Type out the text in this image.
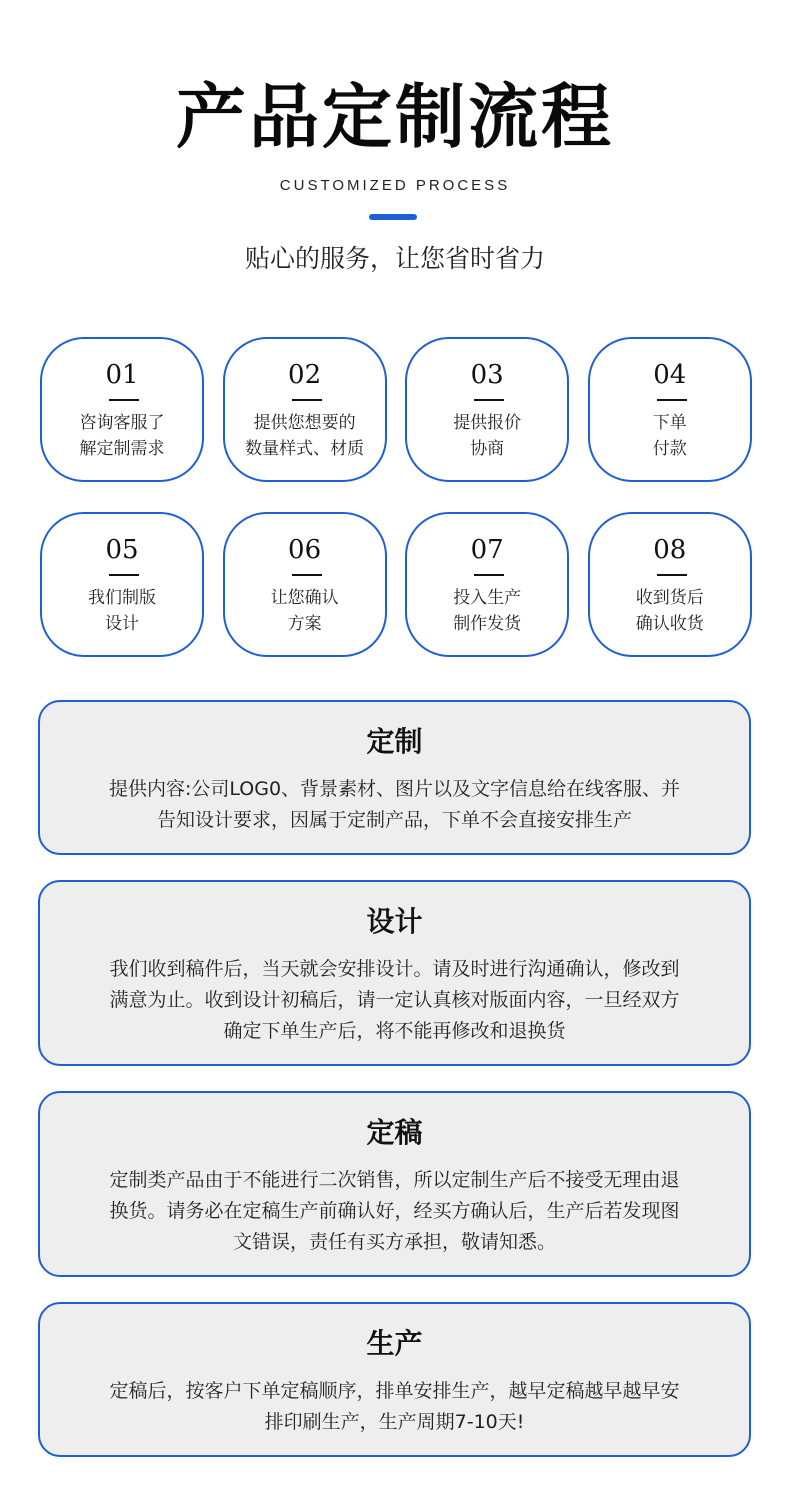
产品定制流程
CUSTOMIZED PROCESS
贴心的服务，让您省时省力
01
咨询客服了
解定制需求
02
提供您想要的
数量样式、材质
03
提供报价
协商
04
下单
付款
05
我们制版
设计
06
让您确认
方案
07
投入生产
制作发货
08
收到货后
确认收货
定制
提供内容:公司LOG0、背景素材、图片以及文字信息给在线客服、并
告知设计要求，因属于定制产品，下单不会直接安排生产
设计
我们收到稿件后，当天就会安排设计。请及时进行沟通确认，修改到
满意为止。收到设计初稿后，请一定认真核对版面内容，一旦经双方
确定下单生产后，将不能再修改和退换货
定稿
定制类产品由于不能进行二次销售，所以定制生产后不接受无理由退
换货。请务必在定稿生产前确认好，经买方确认后，生产后若发现图
文错误，责任有买方承担，敬请知悉。
生产
定稿后，按客户下单定稿顺序，排单安排生产，越早定稿越早越早安
排印刷生产，生产周期7-10天!
